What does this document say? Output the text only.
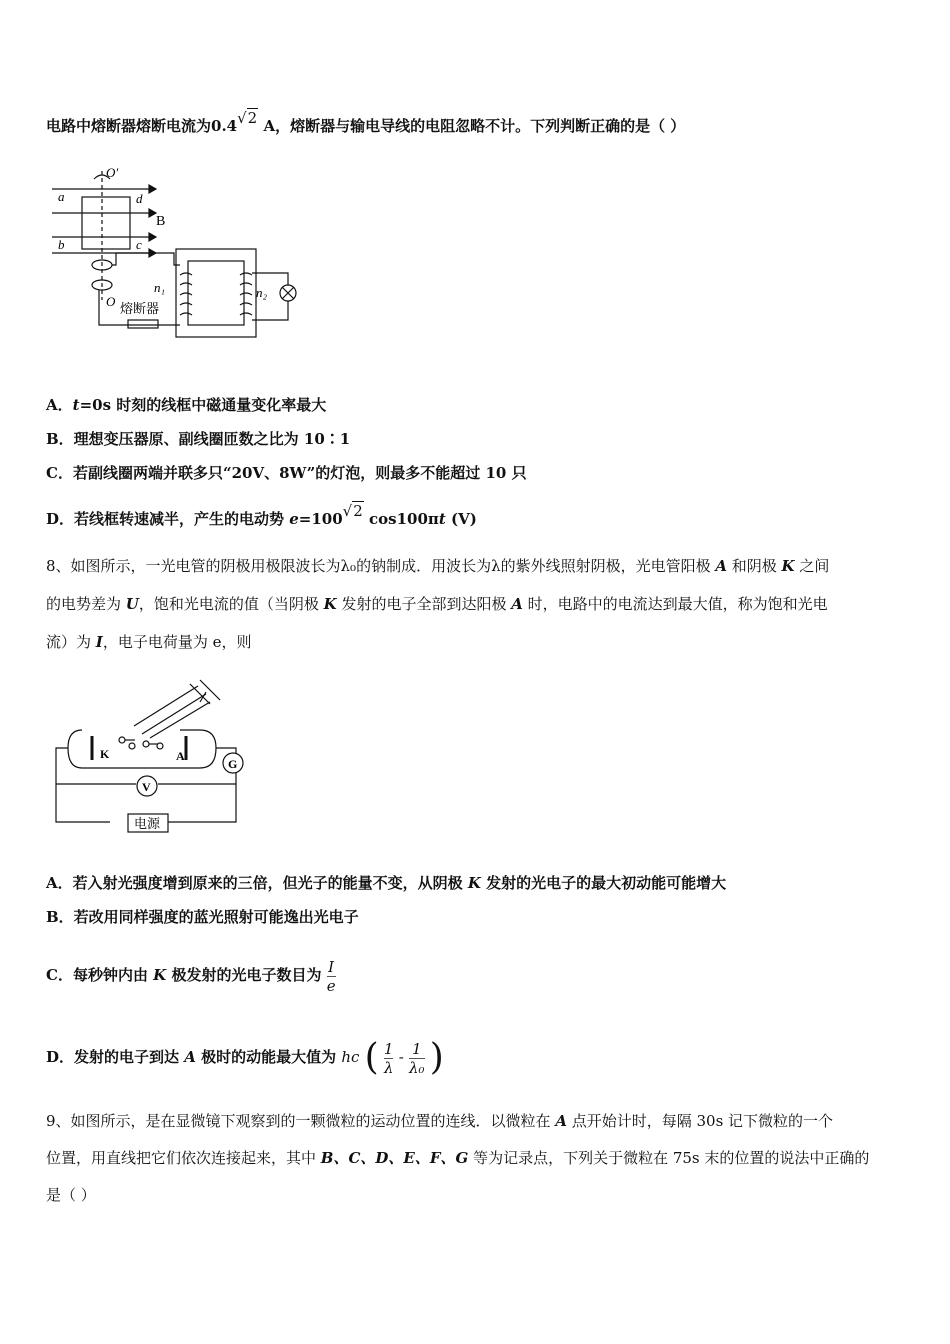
电路中熔断器熔断电流为0.4√2 A，熔断器与输电导线的电阻忽略不计。下列判断正确的是（ ）
O′
a	d
b	c
B
O
n₁	n₂
熔断器
A．t=0s 时刻的线框中磁通量变化率最大
B．理想变压器原、副线圈匝数之比为 10∶1
C．若副线圈两端并联多只“20V、8W”的灯泡，则最多不能超过 10 只
D．若线框转速减半，产生的电动势 e=100√2 cos100πt (V)
8、如图所示，一光电管的阴极用极限波长为λ₀的钠制成．用波长为λ的紫外线照射阴极，光电管阳极 A 和阴极 K 之间
的电势差为 U，饱和光电流的值（当阴极 K 发射的电子全部到达阳极 A 时，电路中的电流达到最大值，称为饱和光电
流）为 I，电子电荷量为 e，则
K	A
G
V
电源
A．若入射光强度增到原来的三倍，但光子的能量不变，从阴极 K 发射的光电子的最大初动能可能增大
B．若改用同样强度的蓝光照射可能逸出光电子
C．每秒钟内由 K 极发射的光电子数目为 $\frac{I}{e}$
D．发射的电子到达 A 极时的动能最大值为 hc ( $\frac{1}{\lambda} - \frac{1}{\text{λ₀}}$ )
9、如图所示，是在显微镜下观察到的一颗微粒的运动位置的连线．以微粒在 A 点开始计时，每隔 30s 记下微粒的一个
位置，用直线把它们依次连接起来，其中 B、C、D、E、F、G 等为记录点，下列关于微粒在 75s 末的位置的说法中正确的
是（ ）
